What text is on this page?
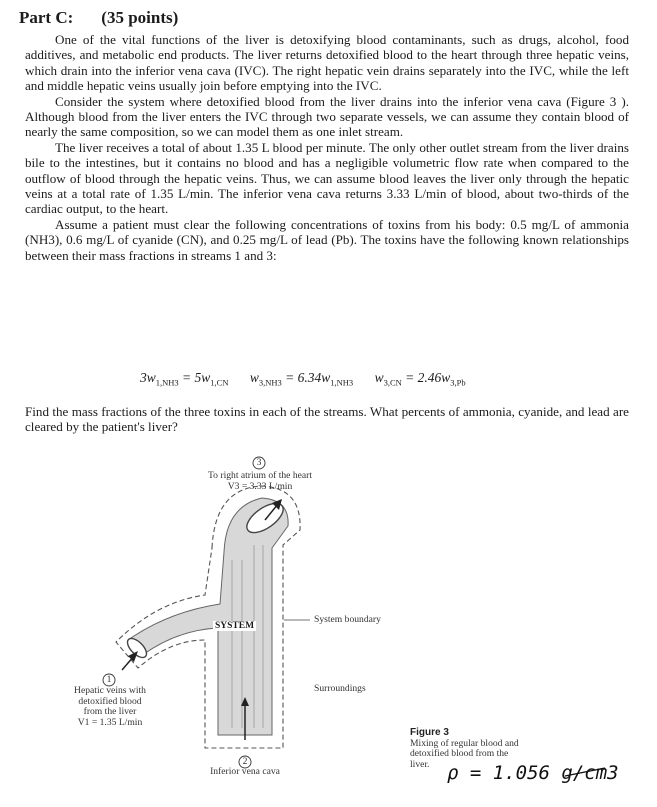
Part C: (35 points)

One of the vital functions of the liver is detoxifying blood contaminants, such as drugs, alcohol, food additives, and metabolic end products. The liver returns detoxified blood to the heart through three hepatic veins, which drain into the inferior vena cava (IVC). The right hepatic vein drains separately into the IVC, while the left and middle hepatic veins usually join before emptying into the IVC.

Consider the system where detoxified blood from the liver drains into the inferior vena cava (Figure 3 ). Although blood from the liver enters the IVC through two separate vessels, we can assume they contain blood of nearly the same composition, so we can model them as one inlet stream.

The liver receives a total of about 1.35 L blood per minute. The only other outlet stream from the liver drains bile to the intestines, but it contains no blood and has a negligible volumetric flow rate when compared to the outflow of blood through the hepatic veins. Thus, we can assume blood leaves the liver only through the hepatic veins at a total rate of 1.35 L/min. The inferior vena cava returns 3.33 L/min of blood, about two-thirds of the cardiac output, to the heart.

Assume a patient must clear the following concentrations of toxins from his body: 0.5 mg/L of ammonia (NH3), 0.6 mg/L of cyanide (CN), and 0.25 mg/L of lead (Pb). The toxins have the following known relationships between their mass fractions in streams 1 and 3:

$3w_{1,NH3} = 5w_{1,CN}$ $w_{3,NH3} = 6.34w_{1,NH3}$ $w_{3,CN} = 2.46w_{3,Pb}$

Find the mass fractions of the three toxins in each of the streams. What percents of ammonia, cyanide, and lead are cleared by the patient's liver?

3
To right atrium of the heart
V3 = 3.33 L/min
System boundary
SYSTEM
Surroundings
1
Hepatic veins with
detoxified blood
from the liver
V1 = 1.35 L/min
2
Inferior vena cava
Figure 3
Mixing of regular blood and
detoxified blood from the
liver. ρ = 1.056 g/cm3
